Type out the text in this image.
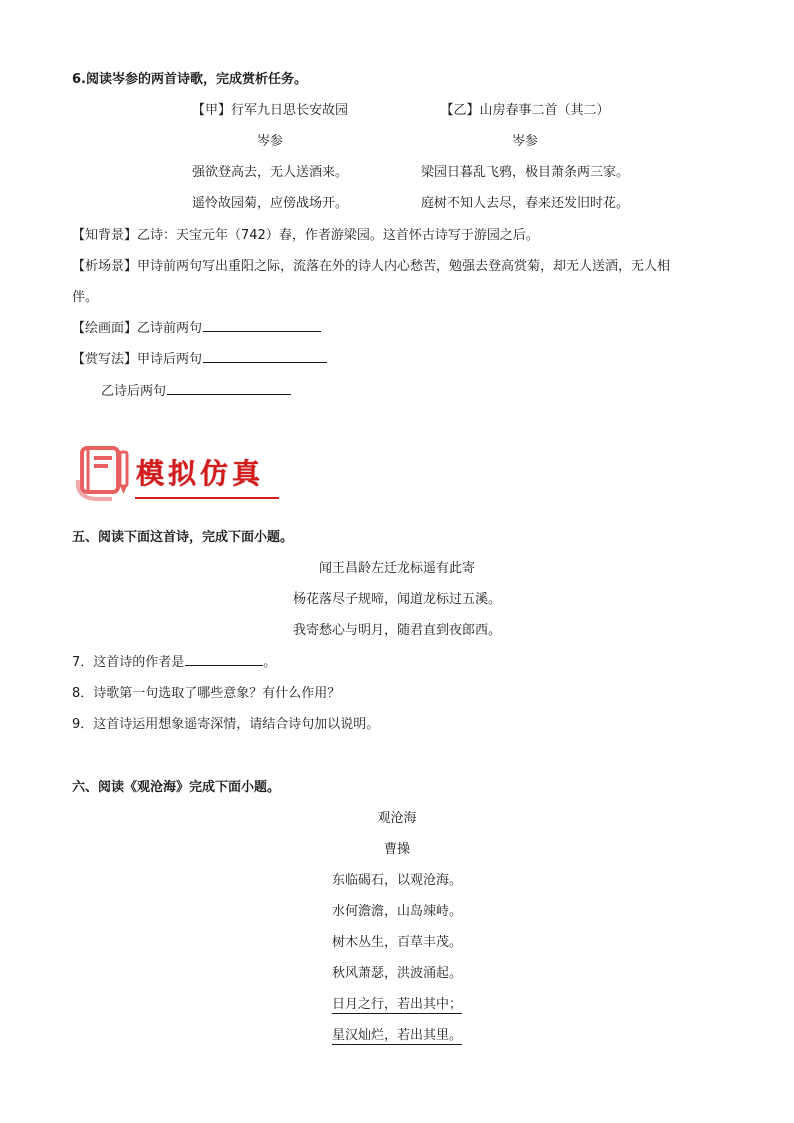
6.阅读岑参的两首诗歌，完成赏析任务。
【甲】行军九日思长安故园
岑参
强欲登高去，无人送酒来。
遥怜故园菊，应傍战场开。
【乙】山房春事二首（其二）
岑参
梁园日暮乱飞鸦，极目萧条两三家。
庭树不知人去尽，春来还发旧时花。
【知背景】乙诗：天宝元年（742）春，作者游梁园。这首怀古诗写于游园之后。
【析场景】甲诗前两句写出重阳之际，流落在外的诗人内心愁苦，勉强去登高赏菊，却无人送酒，无人相
伴。
【绘画面】乙诗前两句
【赏写法】甲诗后两句
乙诗后两句
模拟仿真
五、阅读下面这首诗，完成下面小题。
闻王昌龄左迁龙标遥有此寄
杨花落尽子规啼，闻道龙标过五溪。
我寄愁心与明月，随君直到夜郎西。
7．这首诗的作者是	。
8．诗歌第一句选取了哪些意象？有什么作用？
9．这首诗运用想象遥寄深情，请结合诗句加以说明。
六、阅读《观沧海》完成下面小题。
观沧海
曹操
东临碣石，以观沧海。
水何澹澹，山岛竦峙。
树木丛生，百草丰茂。
秋风萧瑟，洪波涌起。
日月之行，若出其中；
星汉灿烂，若出其里。
